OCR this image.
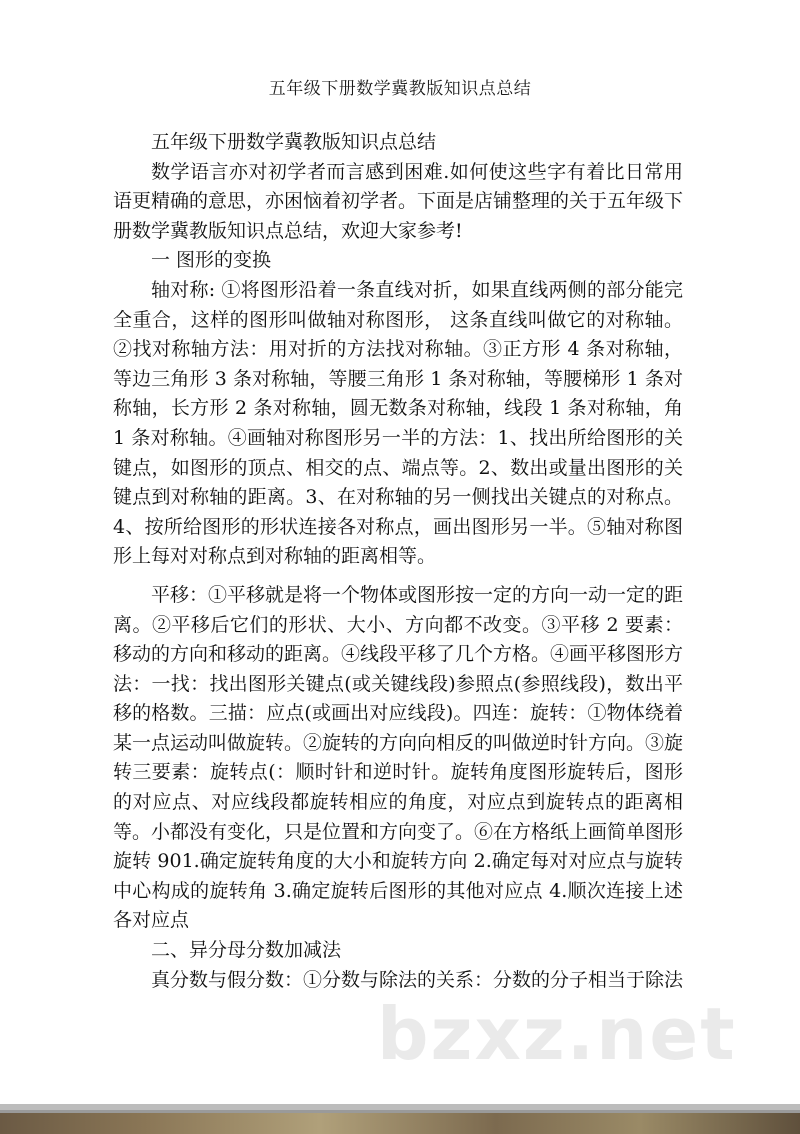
五年级下册数学冀教版知识点总结

五年级下册数学冀教版知识点总结

数学语言亦对初学者而言感到困难.如何使这些字有着比日常用语更精确的意思，亦困恼着初学者。下面是店铺整理的关于五年级下册数学冀教版知识点总结，欢迎大家参考!

一 图形的变换

轴对称: ①将图形沿着一条直线对折，如果直线两侧的部分能完全重合，这样的图形叫做轴对称图形， 这条直线叫做它的对称轴。②找对称轴方法：用对折的方法找对称轴。③正方形 4 条对称轴，等边三角形 3 条对称轴，等腰三角形 1 条对称轴，等腰梯形 1 条对称轴，长方形 2 条对称轴，圆无数条对称轴，线段 1 条对称轴，角 1 条对称轴。④画轴对称图形另一半的方法：1、找出所给图形的关键点，如图形的顶点、相交的点、端点等。2、数出或量出图形的关键点到对称轴的距离。3、在对称轴的另一侧找出关键点的对称点。4、按所给图形的形状连接各对称点，画出图形另一半。⑤轴对称图形上每对对称点到对称轴的距离相等。

平移：①平移就是将一个物体或图形按一定的方向一动一定的距离。②平移后它们的形状、大小、方向都不改变。③平移 2 要素：移动的方向和移动的距离。④线段平移了几个方格。④画平移图形方法：一找：找出图形关键点(或关键线段)参照点(参照线段)，数出平移的格数。三描：应点(或画出对应线段)。四连：旋转：①物体绕着某一点运动叫做旋转。②旋转的方向向相反的叫做逆时针方向。③旋转三要素：旋转点(：顺时针和逆时针。旋转角度图形旋转后，图形的对应点、对应线段都旋转相应的角度，对应点到旋转点的距离相等。小都没有变化，只是位置和方向变了。⑥在方格纸上画简单图形旋转 901.确定旋转角度的大小和旋转方向 2.确定每对对应点与旋转中心构成的旋转角 3.确定旋转后图形的其他对应点 4.顺次连接上述各对应点

二、异分母分数加减法

真分数与假分数：①分数与除法的关系：分数的分子相当于除法

bzxz.net
